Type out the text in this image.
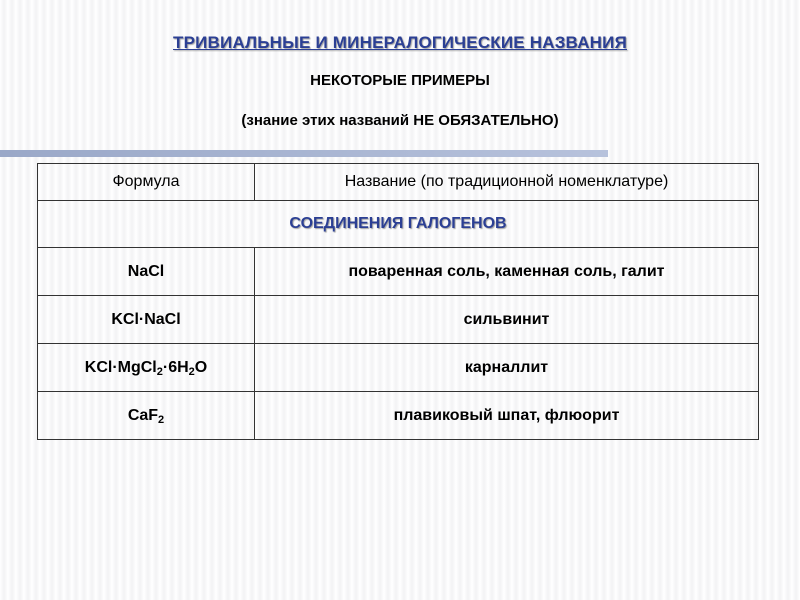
ТРИВИАЛЬНЫЕ И МИНЕРАЛОГИЧЕСКИЕ НАЗВАНИЯ
НЕКОТОРЫЕ ПРИМЕРЫ
(знание этих названий НЕ ОБЯЗАТЕЛЬНО)
Формула	Название (по традиционной номенклатуре)
СОЕДИНЕНИЯ ГАЛОГЕНОВ	
NaCl	поваренная соль, каменная соль, галит
KCl·NaCl	сильвинит
$KCl\cdot MgCl_2\cdot 6H_2O$	карналлит
CaF$_2$	плавиковый шпат, флюорит
